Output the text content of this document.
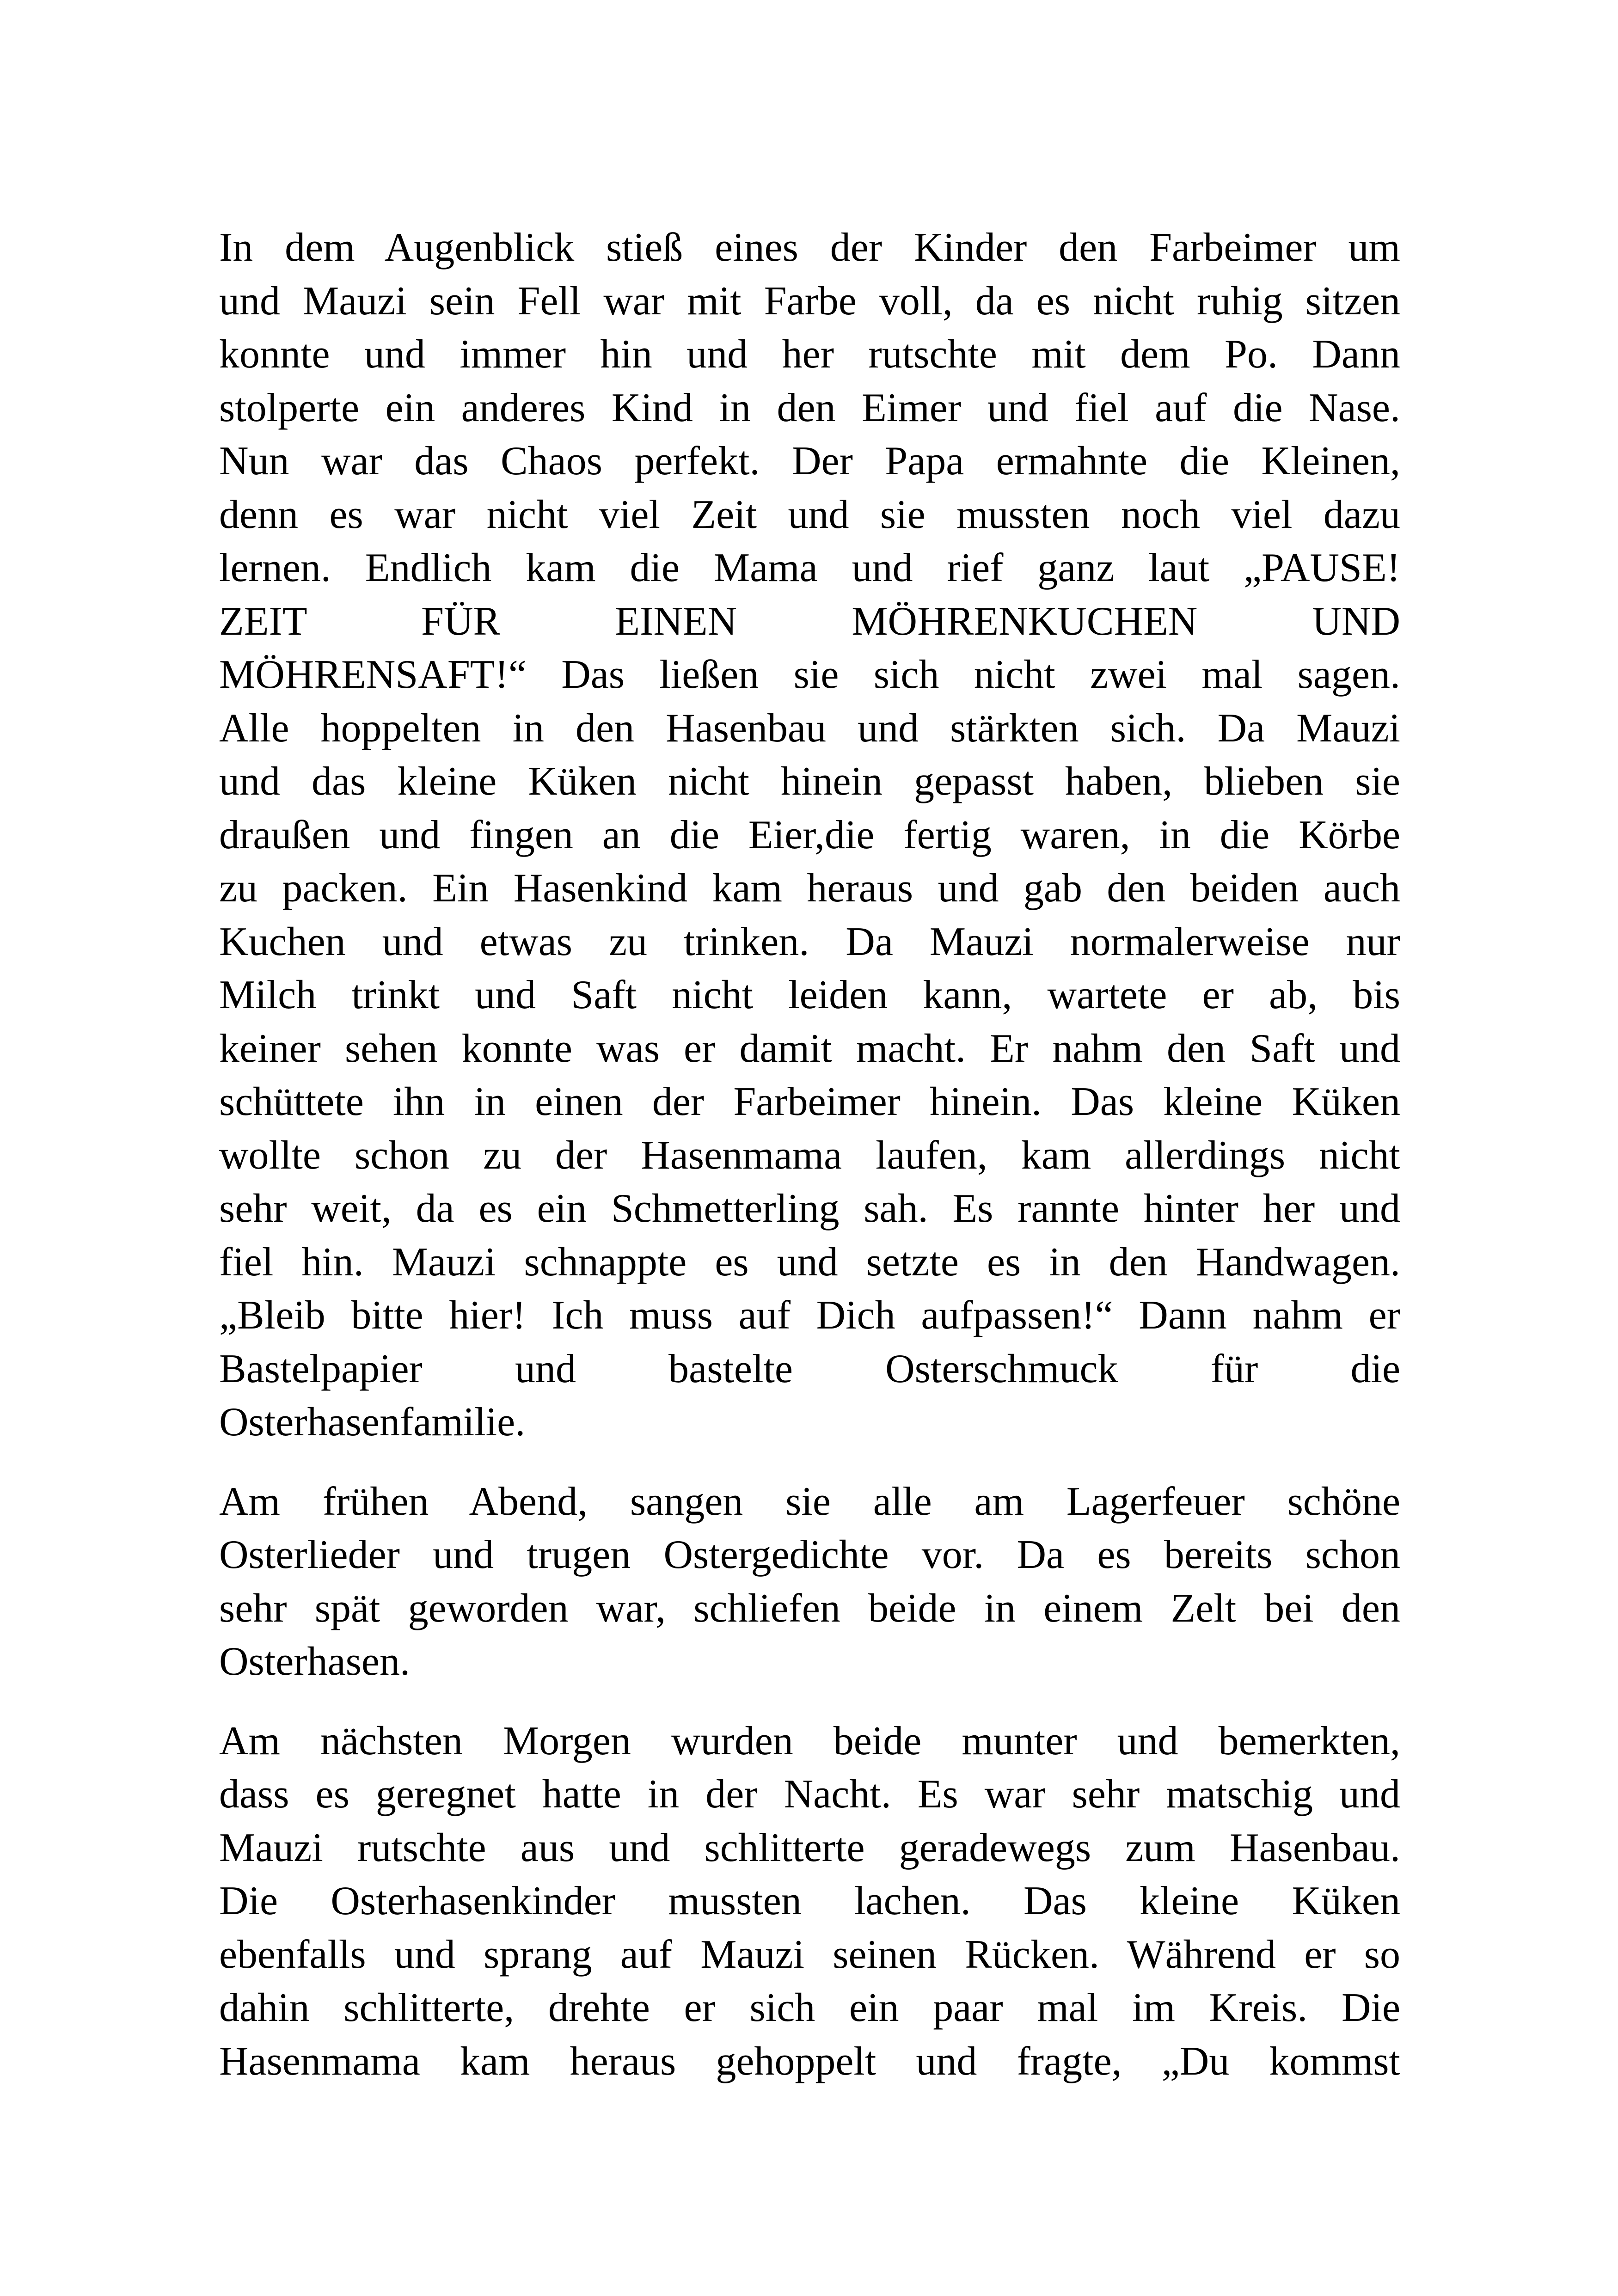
In dem Augenblick stieß eines der Kinder den Farbeimer um
und Mauzi sein Fell war mit Farbe voll, da es nicht ruhig sitzen
konnte und immer hin und her rutschte mit dem Po. Dann
stolperte ein anderes Kind in den Eimer und fiel auf die Nase.
Nun war das Chaos perfekt. Der Papa ermahnte die Kleinen,
denn es war nicht viel Zeit und sie mussten noch viel dazu
lernen. Endlich kam die Mama und rief ganz laut „PAUSE!
ZEIT FÜR EINEN MÖHRENKUCHEN UND
MÖHRENSAFT!“ Das ließen sie sich nicht zwei mal sagen.
Alle hoppelten in den Hasenbau und stärkten sich. Da Mauzi
und das kleine Küken nicht hinein gepasst haben, blieben sie
draußen und fingen an die Eier,die fertig waren, in die Körbe
zu packen. Ein Hasenkind kam heraus und gab den beiden auch
Kuchen und etwas zu trinken. Da Mauzi normalerweise nur
Milch trinkt und Saft nicht leiden kann, wartete er ab, bis
keiner sehen konnte was er damit macht. Er nahm den Saft und
schüttete ihn in einen der Farbeimer hinein. Das kleine Küken
wollte schon zu der Hasenmama laufen, kam allerdings nicht
sehr weit, da es ein Schmetterling sah. Es rannte hinter her und
fiel hin. Mauzi schnappte es und setzte es in den Handwagen.
„Bleib bitte hier! Ich muss auf Dich aufpassen!“ Dann nahm er
Bastelpapier und bastelte Osterschmuck für die
Osterhasenfamilie.
Am frühen Abend, sangen sie alle am Lagerfeuer schöne
Osterlieder und trugen Ostergedichte vor. Da es bereits schon
sehr spät geworden war, schliefen beide in einem Zelt bei den
Osterhasen.
Am nächsten Morgen wurden beide munter und bemerkten,
dass es geregnet hatte in der Nacht. Es war sehr matschig und
Mauzi rutschte aus und schlitterte geradewegs zum Hasenbau.
Die Osterhasenkinder mussten lachen. Das kleine Küken
ebenfalls und sprang auf Mauzi seinen Rücken. Während er so
dahin schlitterte, drehte er sich ein paar mal im Kreis. Die
Hasenmama kam heraus gehoppelt und fragte, „Du kommst
